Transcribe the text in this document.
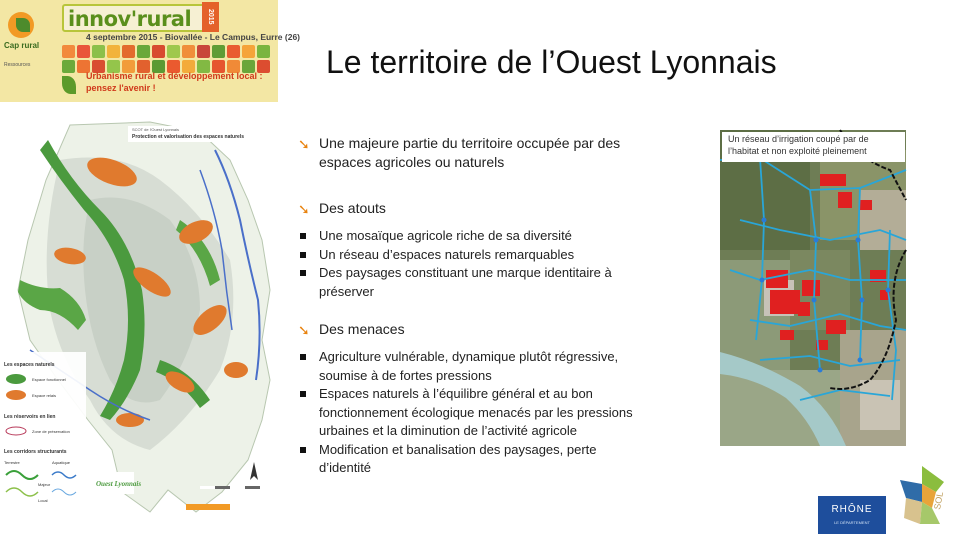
Cap rural
Ressources
innov'rural	2015
4 septembre 2015 - Biovallée - Le Campus, Eurre (26)
Urbanisme rural et développement local :
pensez l'avenir !
Le territoire de l’Ouest Lyonnais
SCOT de l'Ouest Lyonnais
Protection et valorisation des espaces naturels
Les espaces naturels
Espace fonctionnel
Espace relais
Les réservoirs en lien
Zone de préservation
Les corridors structurants
Terrestre	Aquatique
Majeur
Local
Ouest Lyonnais
➘ Une majeure partie du territoire occupée par des espaces agricoles ou naturels
➘ Des atouts
Une mosaïque agricole riche de sa diversité
Un réseau d’espaces naturels remarquables
Des paysages constituant une marque identitaire à préserver
➘ Des menaces
Agriculture vulnérable, dynamique plutôt régressive, soumise à de fortes pressions
Espaces naturels à l’équilibre général et au bon fonctionnement écologique menacés par les pressions urbaines et la diminution de l’activité agricole
Modification et banalisation des paysages, perte d’identité
Un réseau d’irrigation coupé par de l’habitat et non exploité pleinement
RHÔNE
LE DÉPARTEMENT
SOL
